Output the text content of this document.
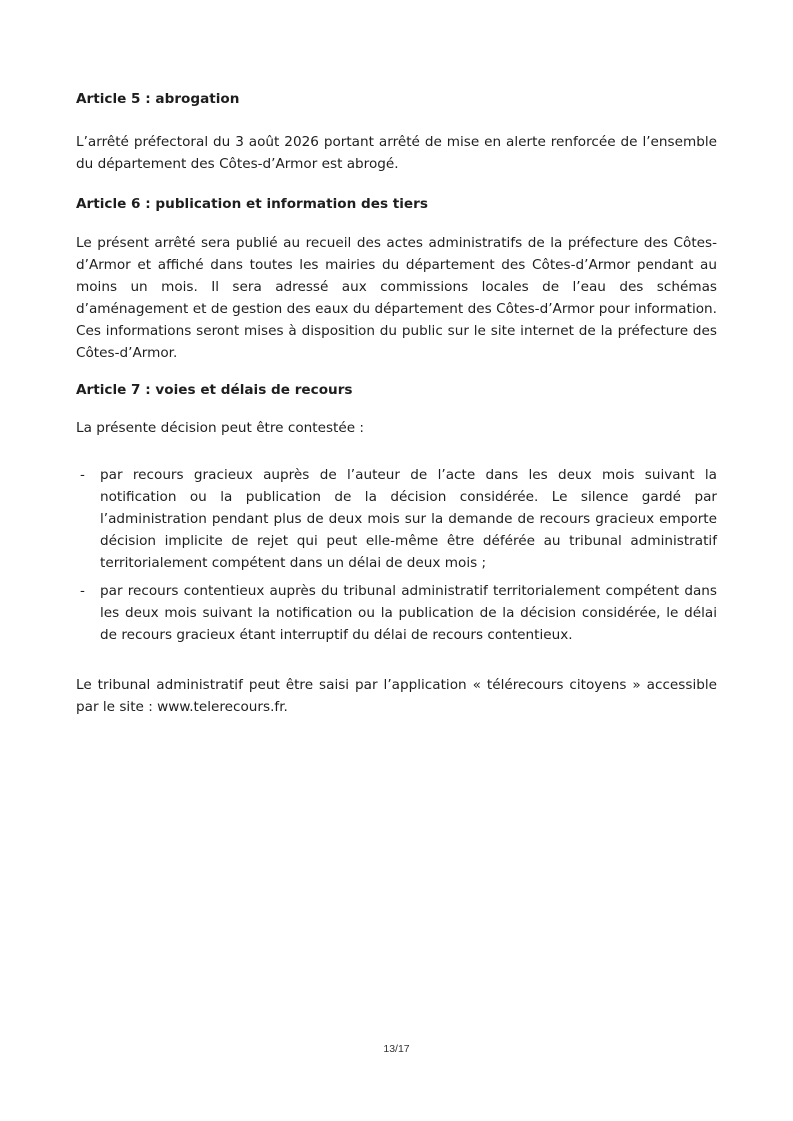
Article 5 : abrogation

L’arrêté préfectoral du 3 août 2026 portant arrêté de mise en alerte renforcée de l’ensemble du département des Côtes-d’Armor est abrogé.

Article 6 : publication et information des tiers

Le présent arrêté sera publié au recueil des actes administratifs de la préfecture des Côtes-d’Armor et affiché dans toutes les mairies du département des Côtes-d’Armor pendant au moins un mois. Il sera adressé aux commissions locales de l’eau des schémas d’aménagement et de gestion des eaux du département des Côtes-d’Armor pour information. Ces informations seront mises à disposition du public sur le site internet de la préfecture des Côtes-d’Armor.

Article 7 : voies et délais de recours

La présente décision peut être contestée :

- par recours gracieux auprès de l’auteur de l’acte dans les deux mois suivant la notification ou la publication de la décision considérée. Le silence gardé par l’administration pendant plus de deux mois sur la demande de recours gracieux emporte décision implicite de rejet qui peut elle-même être déférée au tribunal administratif territorialement compétent dans un délai de deux mois ;
- par recours contentieux auprès du tribunal administratif territorialement compétent dans les deux mois suivant la notification ou la publication de la décision considérée, le délai de recours gracieux étant interruptif du délai de recours contentieux.

Le tribunal administratif peut être saisi par l’application « télérecours citoyens » accessible par le site : www.telerecours.fr.

13/17
